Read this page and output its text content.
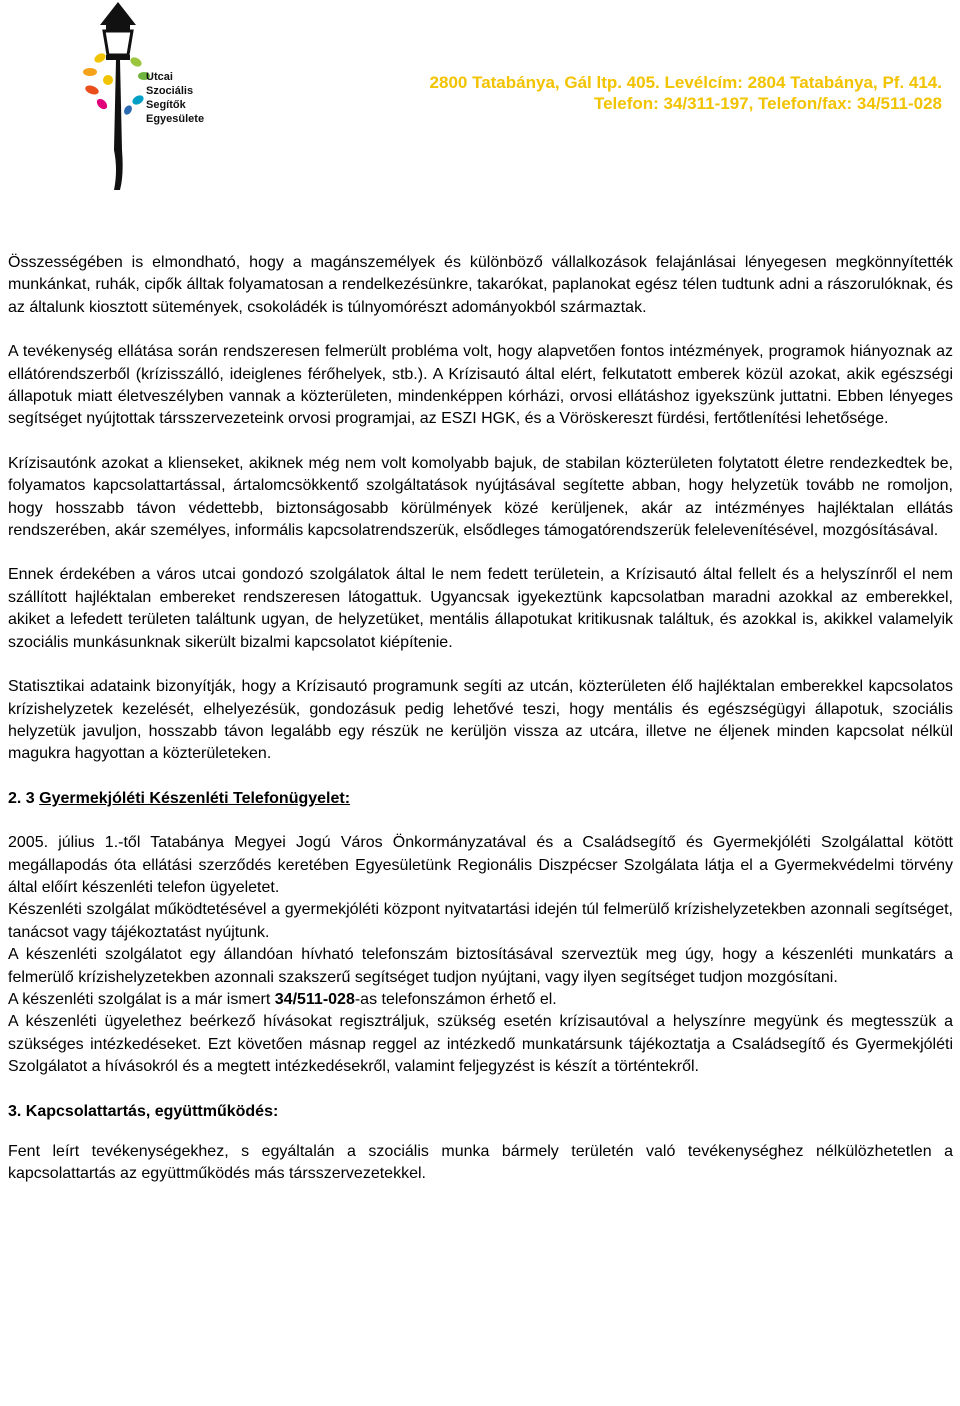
Utcai
Szociális
Segítők
Egyesülete
2800 Tatabánya, Gál ltp. 405. Levélcím: 2804 Tatabánya, Pf. 414.
Telefon: 34/311-197, Telefon/fax: 34/511-028

Összességében is elmondható, hogy a magánszemélyek és különböző vállalkozások felajánlásai lényegesen megkönnyítették munkánkat, ruhák, cipők álltak folyamatosan a rendelkezésünkre, takarókat, paplanokat egész télen tudtunk adni a rászorulóknak, és az általunk kiosztott sütemények, csokoládék is túlnyomórészt adományokból származtak.

A tevékenység ellátása során rendszeresen felmerült probléma volt, hogy alapvetően fontos intézmények, programok hiányoznak az ellátórendszerből (krízisszálló, ideiglenes férőhelyek, stb.). A Krízisautó által elért, felkutatott emberek közül azokat, akik egészségi állapotuk miatt életveszélyben vannak a közterületen, mindenképpen kórházi, orvosi ellátáshoz igyekszünk juttatni. Ebben lényeges segítséget nyújtottak társszervezeteink orvosi programjai, az ESZI HGK, és a Vöröskereszt fürdési, fertőtlenítési lehetősége.

Krízisautónk azokat a klienseket, akiknek még nem volt komolyabb bajuk, de stabilan közterületen folytatott életre rendezkedtek be, folyamatos kapcsolattartással, ártalomcsökkentő szolgáltatások nyújtásával segítette abban, hogy helyzetük tovább ne romoljon, hogy hosszabb távon védettebb, biztonságosabb körülmények közé kerüljenek, akár az intézményes hajléktalan ellátás rendszerében, akár személyes, informális kapcsolatrendszerük, elsődleges támogatórendszerük felelevenítésével, mozgósításával.

Ennek érdekében a város utcai gondozó szolgálatok által le nem fedett területein, a Krízisautó által fellelt és a helyszínről el nem szállított hajléktalan embereket rendszeresen látogattuk. Ugyancsak igyekeztünk kapcsolatban maradni azokkal az emberekkel, akiket a lefedett területen találtunk ugyan, de helyzetüket, mentális állapotukat kritikusnak találtuk, és azokkal is, akikkel valamelyik szociális munkásunknak sikerült bizalmi kapcsolatot kiépítenie.

Statisztikai adataink bizonyítják, hogy a Krízisautó programunk segíti az utcán, közterületen élő hajléktalan emberekkel kapcsolatos krízishelyzetek kezelését, elhelyezésük, gondozásuk pedig lehetővé teszi, hogy mentális és egészségügyi állapotuk, szociális helyzetük javuljon, hosszabb távon legalább egy részük ne kerüljön vissza az utcára, illetve ne éljenek minden kapcsolat nélkül magukra hagyottan a közterületeken.

2. 3 Gyermekjóléti Készenléti Telefonügyelet:

2005. július 1.-től Tatabánya Megyei Jogú Város Önkormányzatával és a Családsegítő és Gyermekjóléti Szolgálattal kötött megállapodás óta ellátási szerződés keretében Egyesületünk Regionális Diszpécser Szolgálata látja el a Gyermekvédelmi törvény által előírt készenléti telefon ügyeletet.

Készenléti szolgálat működtetésével a gyermekjóléti központ nyitvatartási idején túl felmerülő krízishelyzetekben azonnali segítséget, tanácsot vagy tájékoztatást nyújtunk.

A készenléti szolgálatot egy állandóan hívható telefonszám biztosításával szerveztük meg úgy, hogy a készenléti munkatárs a felmerülő krízishelyzetekben azonnali szakszerű segítséget tudjon nyújtani, vagy ilyen segítséget tudjon mozgósítani.

A készenléti szolgálat is a már ismert 34/511-028-as telefonszámon érhető el.

A készenléti ügyelethez beérkező hívásokat regisztráljuk, szükség esetén krízisautóval a helyszínre megyünk és megtesszük a szükséges intézkedéseket. Ezt követően másnap reggel az intézkedő munkatársunk tájékoztatja a Családsegítő és Gyermekjóléti Szolgálatot a hívásokról és a megtett intézkedésekről, valamint feljegyzést is készít a történtekről.

3. Kapcsolattartás, együttműködés:

Fent leírt tevékenységekhez, s egyáltalán a szociális munka bármely területén való tevékenységhez nélkülözhetetlen a kapcsolattartás az együttműködés más társszervezetekkel.
